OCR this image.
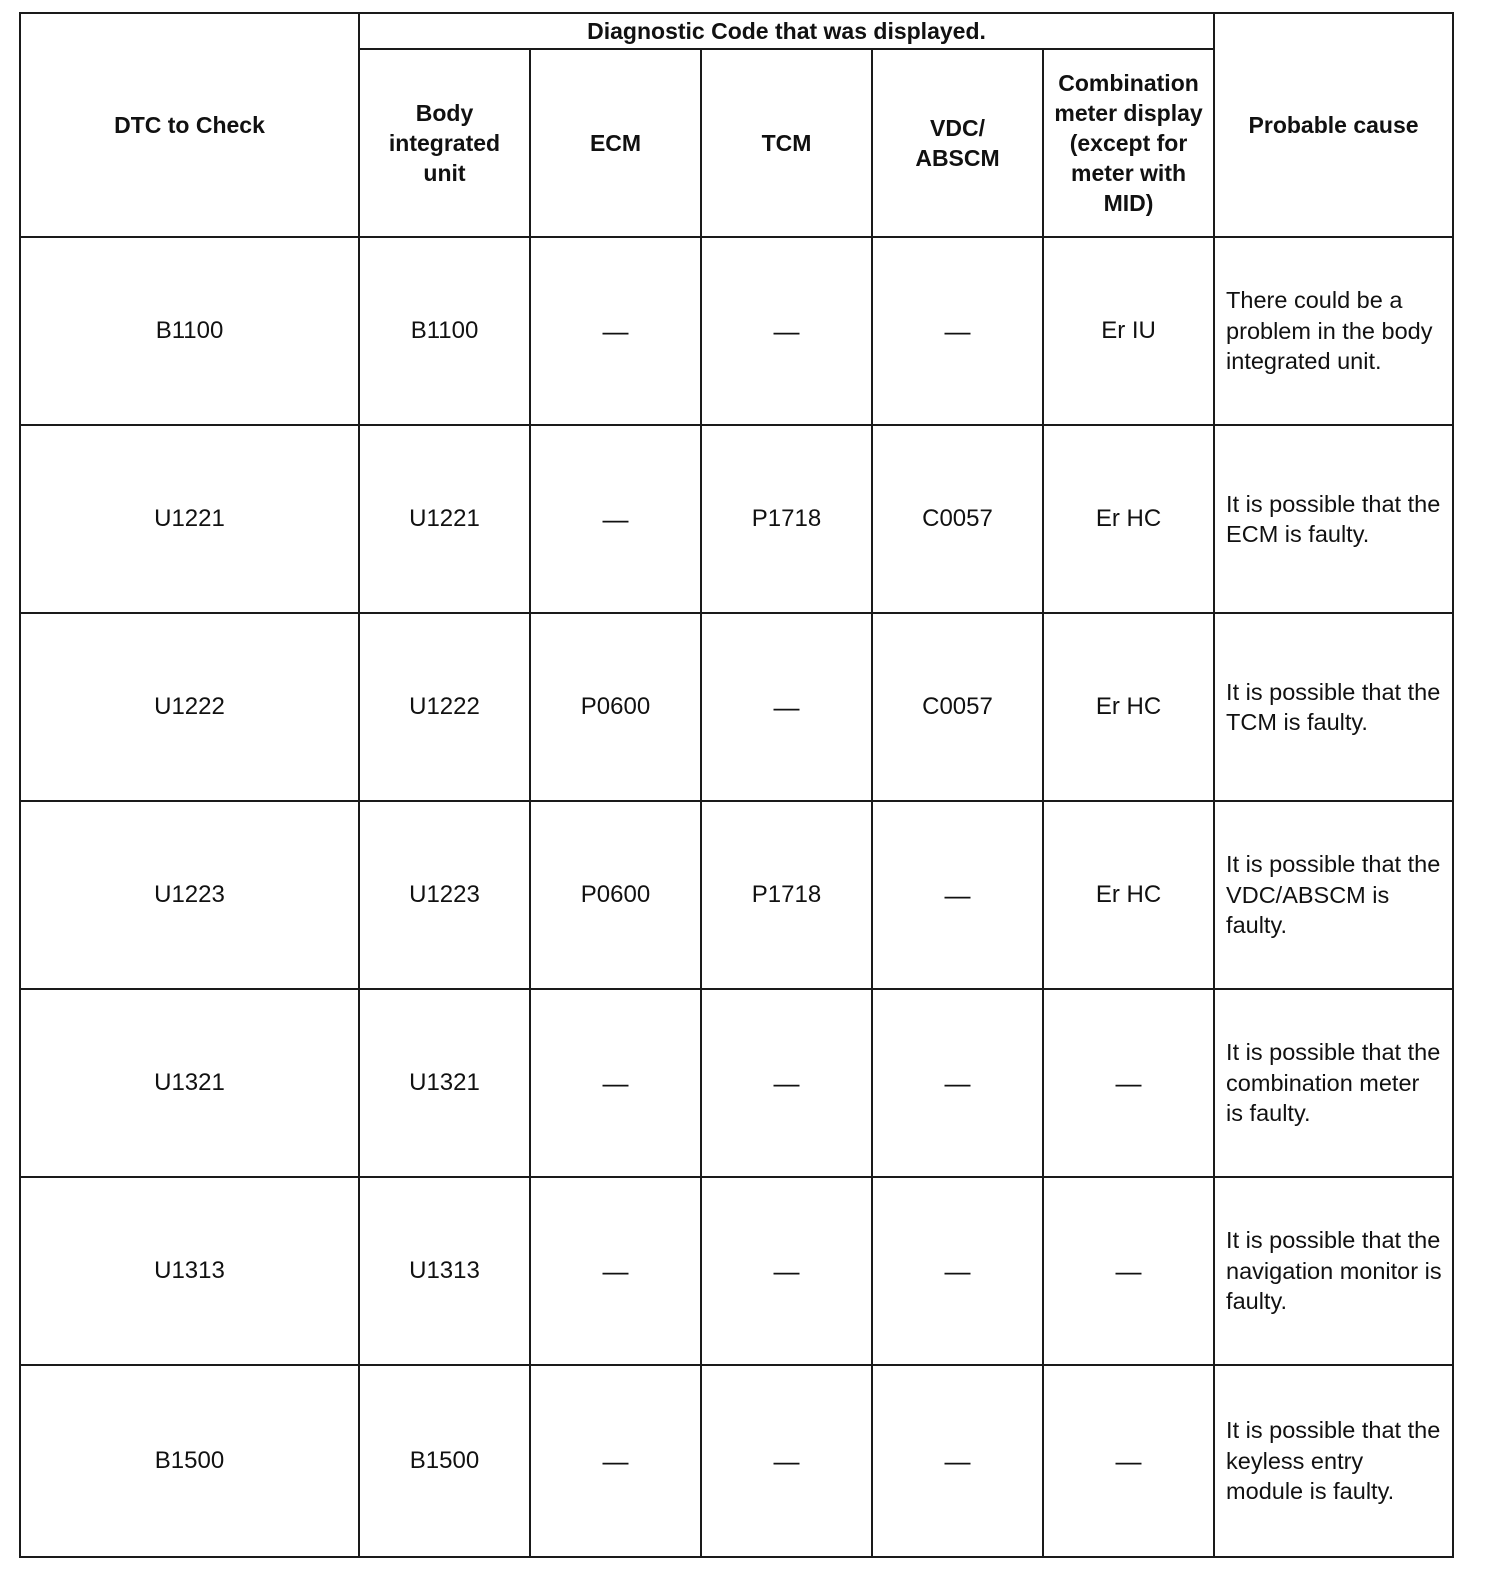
DTC to Check	Diagnostic Code that was displayed.					Probable cause

	Body integrated unit	ECM	TCM	VDC/ ABSCM	Combination meter display (except for meter with MID)	

B1100	B1100	—	—	—	Er IU	There could be a problem in the body integrated unit.
U1221	U1221	—	P1718	C0057	Er HC	It is possible that the ECM is faulty.
U1222	U1222	P0600	—	C0057	Er HC	It is possible that the TCM is faulty.
U1223	U1223	P0600	P1718	—	Er HC	It is possible that the VDC/ABSCM is faulty.
U1321	U1321	—	—	—	—	It is possible that the combination meter is faulty.
U1313	U1313	—	—	—	—	It is possible that the navigation monitor is faulty.
B1500	B1500	—	—	—	—	It is possible that the keyless entry module is faulty.
